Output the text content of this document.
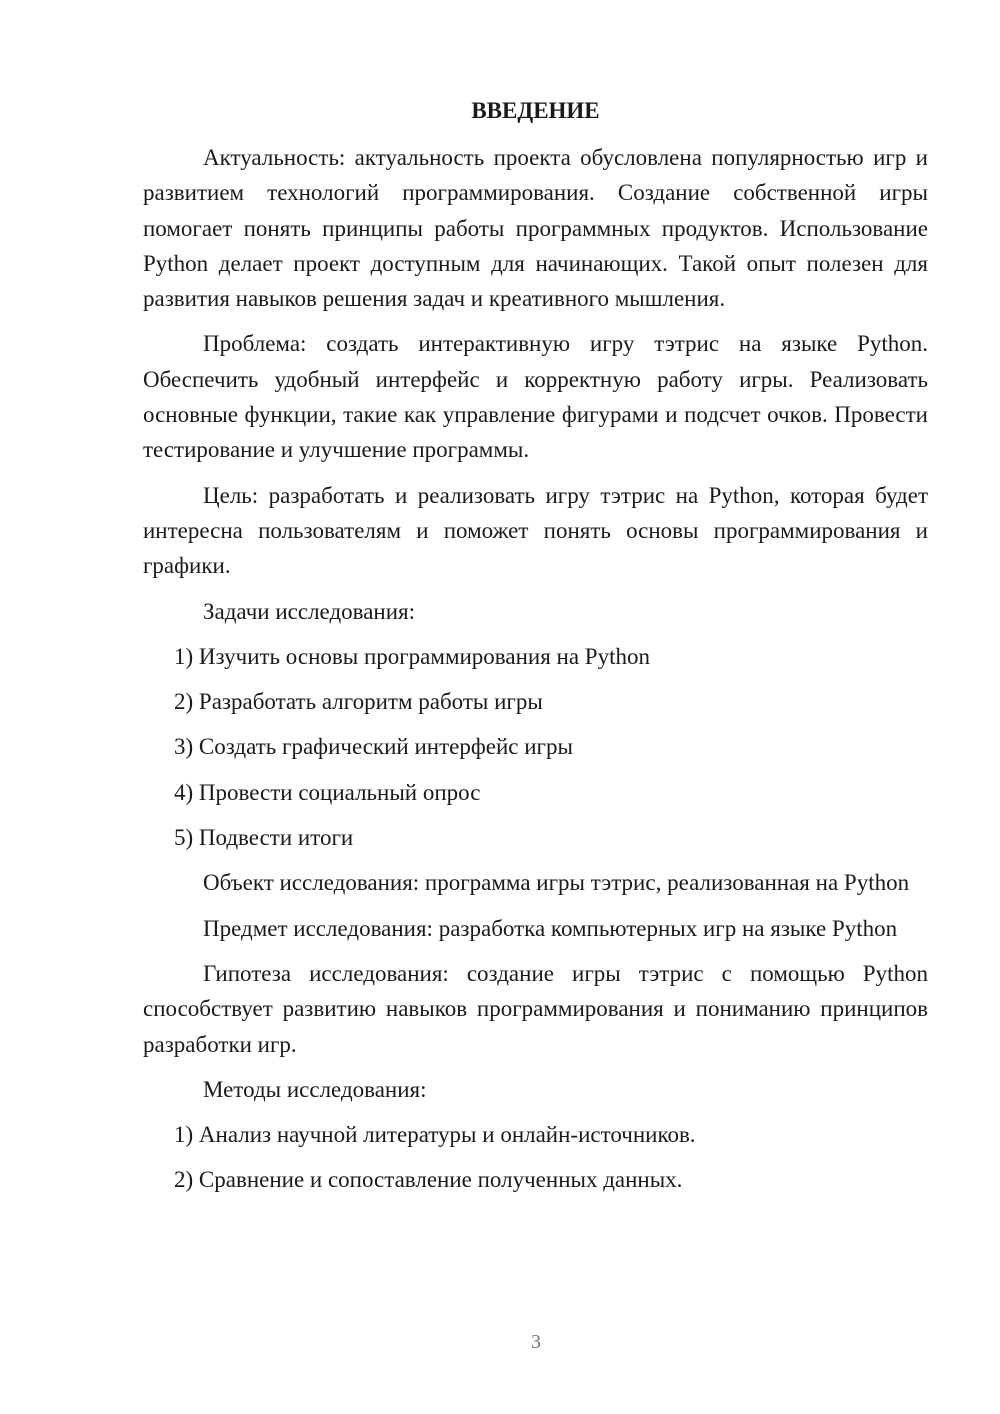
ВВЕДЕНИЕ

Актуальность: актуальность проекта обусловлена популярностью игр и развитием технологий программирования. Создание собственной игры помогает понять принципы работы программных продуктов. Использование Python делает проект доступным для начинающих. Такой опыт полезен для развития навыков решения задач и креативного мышления.

Проблема: создать интерактивную игру тэтрис на языке Python. Обеспечить удобный интерфейс и корректную работу игры. Реализовать основные функции, такие как управление фигурами и подсчет очков. Провести тестирование и улучшение программы.

Цель: разработать и реализовать игру тэтрис на Python, которая будет интересна пользователям и поможет понять основы программирования и графики.

Задачи исследования:

1) Изучить основы программирования на Python
2) Разработать алгоритм работы игры
3) Создать графический интерфейс игры
4) Провести социальный опрос
5) Подвести итоги

Объект исследования: программа игры тэтрис, реализованная на Python

Предмет исследования: разработка компьютерных игр на языке Python

Гипотеза исследования: создание игры тэтрис с помощью Python способствует развитию навыков программирования и пониманию принципов разработки игр.

Методы исследования:

1) Анализ научной литературы и онлайн-источников.
2) Сравнение и сопоставление полученных данных.
3
